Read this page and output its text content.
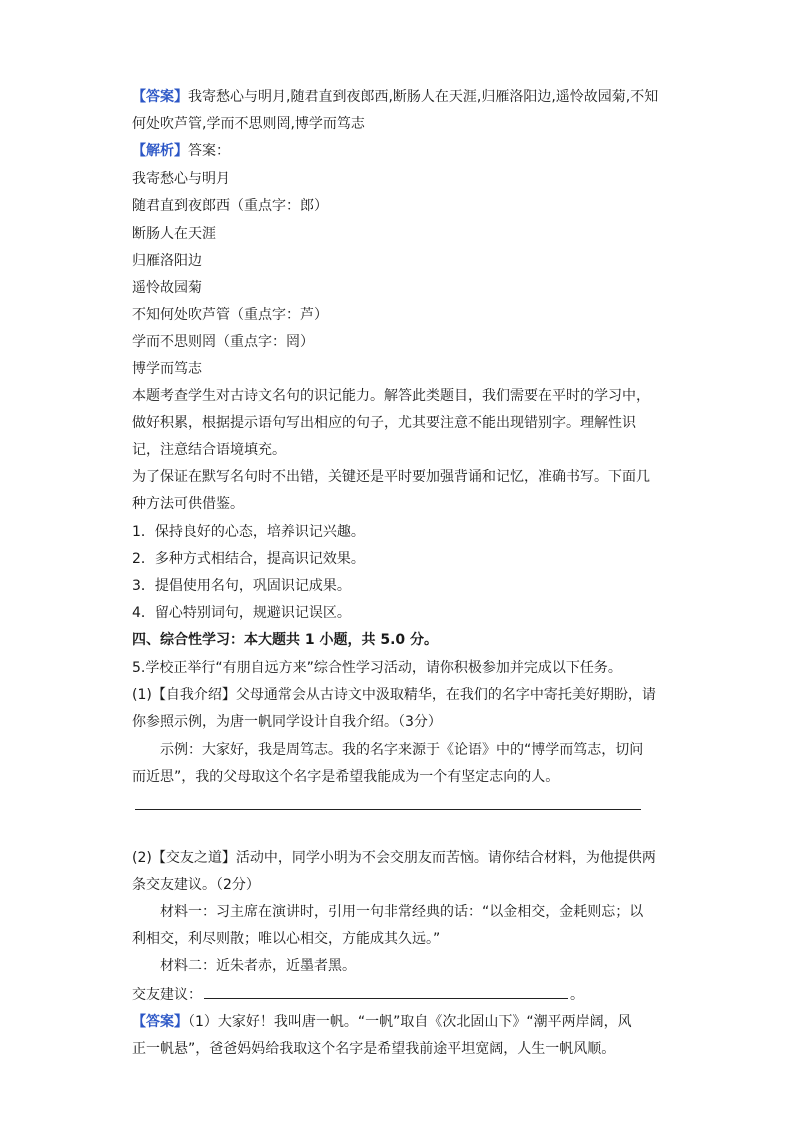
【答案】我寄愁心与明月,随君直到夜郎西,断肠人在天涯,归雁洛阳边,遥怜故园菊,不知
何处吹芦管,学而不思则罔,博学而笃志
【解析】答案：
我寄愁心与明月
随君直到夜郎西（重点字：郎）
断肠人在天涯
归雁洛阳边
遥怜故园菊
不知何处吹芦管（重点字：芦）
学而不思则罔（重点字：罔）
博学而笃志
本题考查学生对古诗文名句的识记能力。解答此类题目，我们需要在平时的学习中，
做好积累，根据提示语句写出相应的句子，尤其要注意不能出现错别字。理解性识
记，注意结合语境填充。
为了保证在默写名句时不出错，关键还是平时要加强背诵和记忆，准确书写。下面几
种方法可供借鉴。
1．保持良好的心态，培养识记兴趣。
2．多种方式相结合，提高识记效果。
3．提倡使用名句，巩固识记成果。
4．留心特别词句，规避识记误区。
四、综合性学习：本大题共 1 小题，共 5.0 分。
5.学校正举行“有朋自远方来”综合性学习活动，请你积极参加并完成以下任务。
(1)【自我介绍】父母通常会从古诗文中汲取精华，在我们的名字中寄托美好期盼，请
你参照示例，为唐一帆同学设计自我介绍。（3分）
示例：大家好，我是周笃志。我的名字来源于《论语》中的“博学而笃志，切问
而近思”，我的父母取这个名字是希望我能成为一个有坚定志向的人。
(2)【交友之道】活动中，同学小明为不会交朋友而苦恼。请你结合材料，为他提供两
条交友建议。（2分）
材料一：习主席在演讲时，引用一句非常经典的话：“以金相交，金耗则忘；以
利相交，利尽则散；唯以心相交，方能成其久远。”
材料二：近朱者赤，近墨者黑。
交友建议：	。
【答案】（1）大家好！我叫唐一帆。“一帆”取自《次北固山下》“潮平两岸阔，风
正一帆悬”，爸爸妈妈给我取这个名字是希望我前途平坦宽阔，人生一帆风顺。
